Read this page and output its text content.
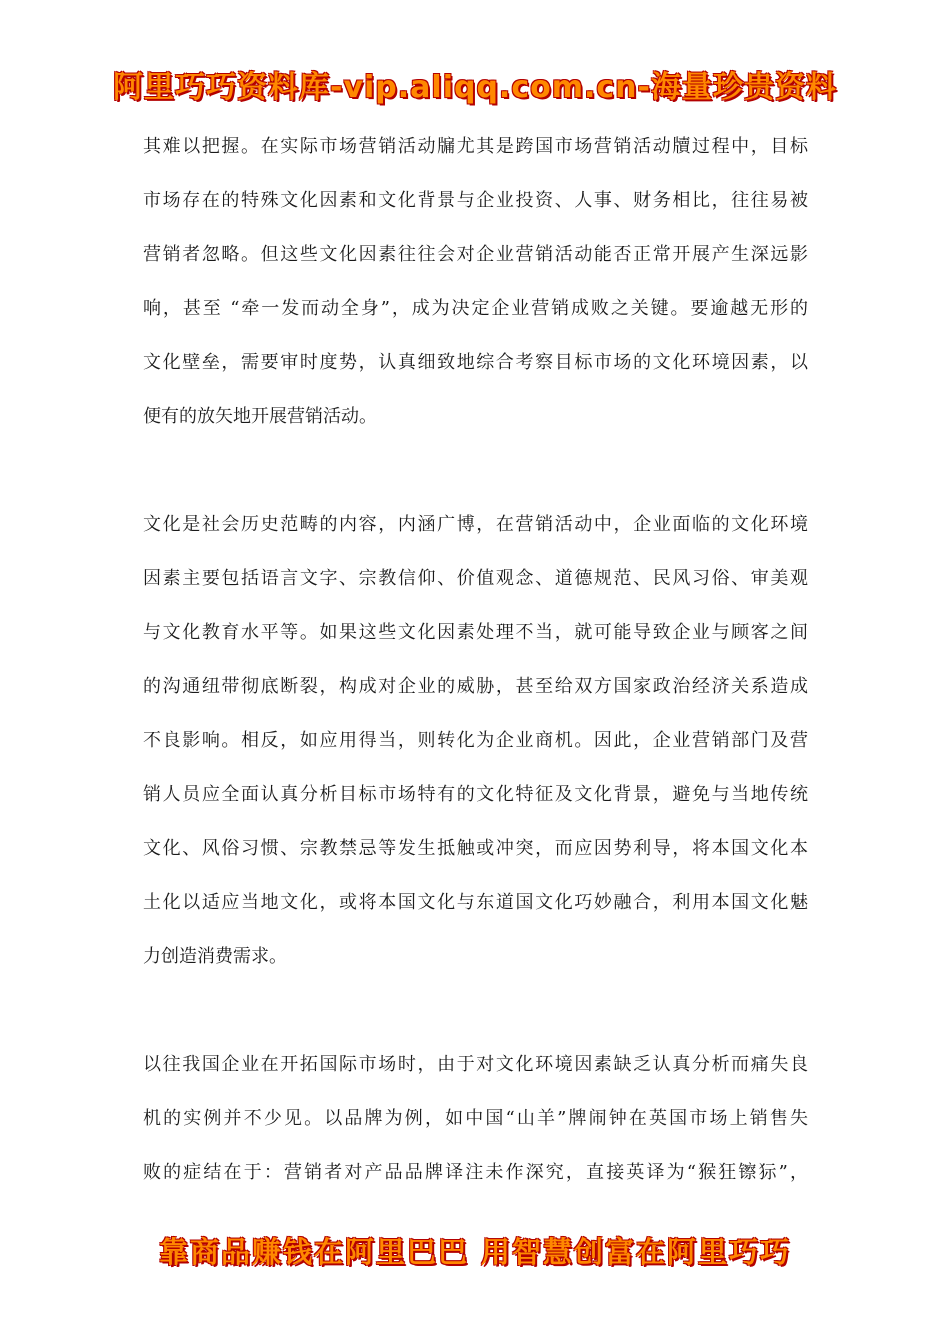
阿里巧巧资料库-vip.aliqq.com.cn-海量珍贵资料
其难以把握。在实际市场营销活动牖尤其是跨国市场营销活动牘过程中，目标
市场存在的特殊文化因素和文化背景与企业投资、人事、财务相比，往往易被
营销者忽略。但这些文化因素往往会对企业营销活动能否正常开展产生深远影
响，甚至 “牵一发而动全身”，成为决定企业营销成败之关键。要逾越无形的
文化壁垒，需要审时度势，认真细致地综合考察目标市场的文化环境因素，以
便有的放矢地开展营销活动。
文化是社会历史范畴的内容，内涵广博，在营销活动中，企业面临的文化环境
因素主要包括语言文字、宗教信仰、价值观念、道德规范、民风习俗、审美观
与文化教育水平等。如果这些文化因素处理不当，就可能导致企业与顾客之间
的沟通纽带彻底断裂，构成对企业的威胁，甚至给双方国家政治经济关系造成
不良影响。相反，如应用得当，则转化为企业商机。因此，企业营销部门及营
销人员应全面认真分析目标市场特有的文化特征及文化背景，避免与当地传统
文化、风俗习惯、宗教禁忌等发生抵触或冲突，而应因势利导，将本国文化本
土化以适应当地文化，或将本国文化与东道国文化巧妙融合，利用本国文化魅
力创造消费需求。
以往我国企业在开拓国际市场时，由于对文化环境因素缺乏认真分析而痛失良
机的实例并不少见。以品牌为例，如中国“山羊”牌闹钟在英国市场上销售失
败的症结在于：营销者对产品品牌译注未作深究，直接英译为“猴狂镲狋”，
靠商品赚钱在阿里巴巴 用智慧创富在阿里巧巧
